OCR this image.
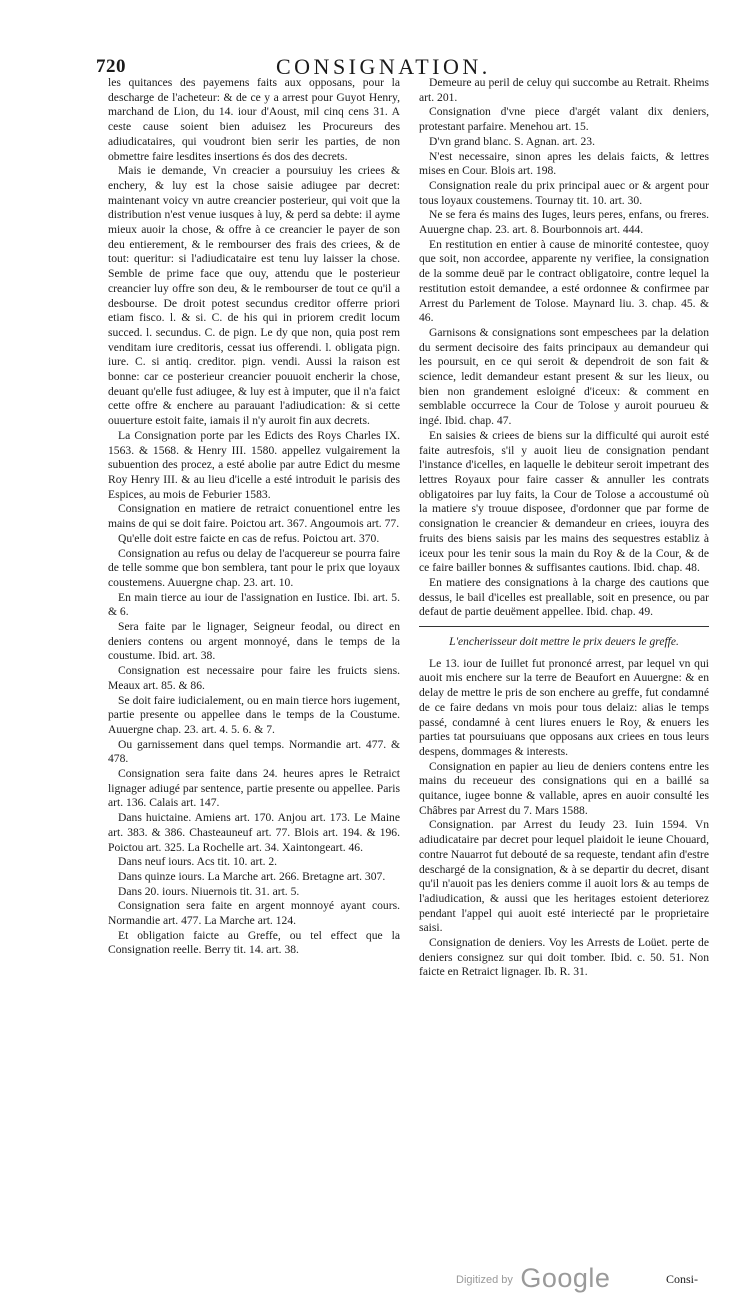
720	CONSIGNATION.

les quitances des payemens faits aux opposans, pour la descharge de l'acheteur: & de ce y a arrest pour Guyot Henry, marchand de Lion, du 14. iour d'Aoust, mil cinq cens 31. A ceste cause soient bien aduisez les Procureurs des adiudicataires, qui voudront bien serir les parties, de non obmettre faire lesdites insertions és dos des decrets.

Mais ie demande, Vn creacier a poursuiuy les criees & enchery, & luy est la chose saisie adiugee par decret: maintenant voicy vn autre creancier posterieur, qui voit que la distribution n'est venue iusques à luy, & perd sa debte: il ayme mieux auoir la chose, & offre à ce creancier le payer de son deu entierement, & le rembourser des frais des criees, & de tout: queritur: si l'adiudicataire est tenu luy laisser la chose. Semble de prime face que ouy, attendu que le posterieur creancier luy offre son deu, & le rembourser de tout ce qu'il a desbourse. De droit potest secundus creditor offerre priori etiam fisco. l. & si. C. de his qui in priorem credit locum succed. l. secundus. C. de pign. Le dy que non, quia post rem venditam iure creditoris, cessat ius offerendi. l. obligata pign. iure. C. si antiq. creditor. pign. vendi. Aussi la raison est bonne: car ce posterieur creancier pouuoit encherir la chose, deuant qu'elle fust adiugee, & luy est à imputer, que il n'a faict cette offre & enchere au parauant l'adiudication: & si cette ouuerture estoit faite, iamais il n'y auroit fin aux decrets.

La Consignation porte par les Edicts des Roys Charles IX. 1563. & 1568. & Henry III. 1580. appellez vulgairement la subuention des procez, a esté abolie par autre Edict du mesme Roy Henry III. & au lieu d'icelle a esté introduit le parisis des Espices, au mois de Feburier 1583.

Consignation en matiere de retraict conuentionel entre les mains de qui se doit faire. Poictou art. 367. Angoumois art. 77.

Qu'elle doit estre faicte en cas de refus. Poictou art. 370.

Consignation au refus ou delay de l'acquereur se pourra faire de telle somme que bon semblera, tant pour le prix que loyaux coustemens. Auuergne chap. 23. art. 10.

En main tierce au iour de l'assignation en Iustice. Ibi. art. 5. & 6.

Sera faite par le lignager, Seigneur feodal, ou direct en deniers contens ou argent monnoyé, dans le temps de la coustume. Ibid. art. 38.

Consignation est necessaire pour faire les fruicts siens. Meaux art. 85. & 86.

Se doit faire iudicialement, ou en main tierce hors iugement, partie presente ou appellee dans le temps de la Coustume. Auuergne chap. 23. art. 4. 5. 6. & 7.

Ou garnissement dans quel temps. Normandie art. 477. & 478.

Consignation sera faite dans 24. heures apres le Retraict lignager adiugé par sentence, partie presente ou appellee. Paris art. 136. Calais art. 147.

Dans huictaine. Amiens art. 170. Anjou art. 173. Le Maine art. 383. & 386. Chasteauneuf art. 77. Blois art. 194. & 196. Poictou art. 325. La Rochelle art. 34. Xaintongeart. 46.

Dans neuf iours. Acs tit. 10. art. 2.

Dans quinze iours. La Marche art. 266. Bretagne art. 307.

Dans 20. iours. Niuernois tit. 31. art. 5.

Consignation sera faite en argent monnoyé ayant cours. Normandie art. 477. La Marche art. 124.

Et obligation faicte au Greffe, ou tel effect que la Consignation reelle. Berry tit. 14. art. 38.

Demeure au peril de celuy qui succombe au Retrait. Rheims art. 201.

Consignation d'vne piece d'argét valant dix deniers, protestant parfaire. Menehou art. 15.

D'vn grand blanc. S. Agnan. art. 23.

N'est necessaire, sinon apres les delais faicts, & lettres mises en Cour. Blois art. 198.

Consignation reale du prix principal auec or & argent pour tous loyaux coustemens. Tournay tit. 10. art. 30.

Ne se fera és mains des Iuges, leurs peres, enfans, ou freres. Auuergne chap. 23. art. 8. Bourbonnois art. 444.

En restitution en entier à cause de minorité contestee, quoy que soit, non accordee, apparente ny verifiee, la consignation de la somme deuë par le contract obligatoire, contre lequel la restitution estoit demandee, a esté ordonnee & confirmee par Arrest du Parlement de Tolose. Maynard liu. 3. chap. 45. & 46.

Garnisons & consignations sont empeschees par la delation du serment decisoire des faits principaux au demandeur qui les poursuit, en ce qui seroit & dependroit de son fait & science, ledit demandeur estant present & sur les lieux, ou bien non grandement esloigné d'iceux: & comment en semblable occurrece la Cour de Tolose y auroit pourueu & ingé. Ibid. chap. 47.

En saisies & criees de biens sur la difficulté qui auroit esté faite autresfois, s'il y auoit lieu de consignation pendant l'instance d'icelles, en laquelle le debiteur seroit impetrant des lettres Royaux pour faire casser & annuller les contrats obligatoires par luy faits, la Cour de Tolose a accoustumé où la matiere s'y trouue disposee, d'ordonner que par forme de consignation le creancier & demandeur en criees, iouyra des fruits des biens saisis par les mains des sequestres establiz à iceux pour les tenir sous la main du Roy & de la Cour, & de ce faire bailler bonnes & suffisantes cautions. Ibid. chap. 48.

En matiere des consignations à la charge des cautions que dessus, le bail d'icelles est preallable, soit en presence, ou par defaut de partie deuëment appellee. Ibid. chap. 49.

L'encherisseur doit mettre le prix deuers le greffe.

Le 13. iour de Iuillet fut prononcé arrest, par lequel vn qui auoit mis enchere sur la terre de Beaufort en Auuergne: & en delay de mettre le pris de son enchere au greffe, fut condamné de ce faire dedans vn mois pour tous delaiz: alias le temps passé, condamné à cent liures enuers le Roy, & enuers les parties tat poursuiuans que opposans aux criees en tous leurs despens, dommages & interests.

Consignation en papier au lieu de deniers contens entre les mains du receueur des consignations qui en a baillé sa quitance, iugee bonne & vallable, apres en auoir consulté les Châbres par Arrest du 7. Mars 1588.

Consignation. par Arrest du Ieudy 23. Iuin 1594. Vn adiudicataire par decret pour lequel plaidoit le ieune Chouard, contre Nauarrot fut debouté de sa requeste, tendant afin d'estre deschargé de la consignation, & à se departir du decret, disant qu'il n'auoit pas les deniers comme il auoit lors & au temps de l'adiudication, & aussi que les heritages estoient deteriorez pendant l'appel qui auoit esté interiecté par le proprietaire saisi.

Consignation de deniers. Voy les Arrests de Loüet. perte de deniers consignez sur qui doit tomber. Ibid. c. 50. 51. Non faicte en Retraict lignager. Ib. R. 31.

Consi-
$^{Digitized by}$ Google
